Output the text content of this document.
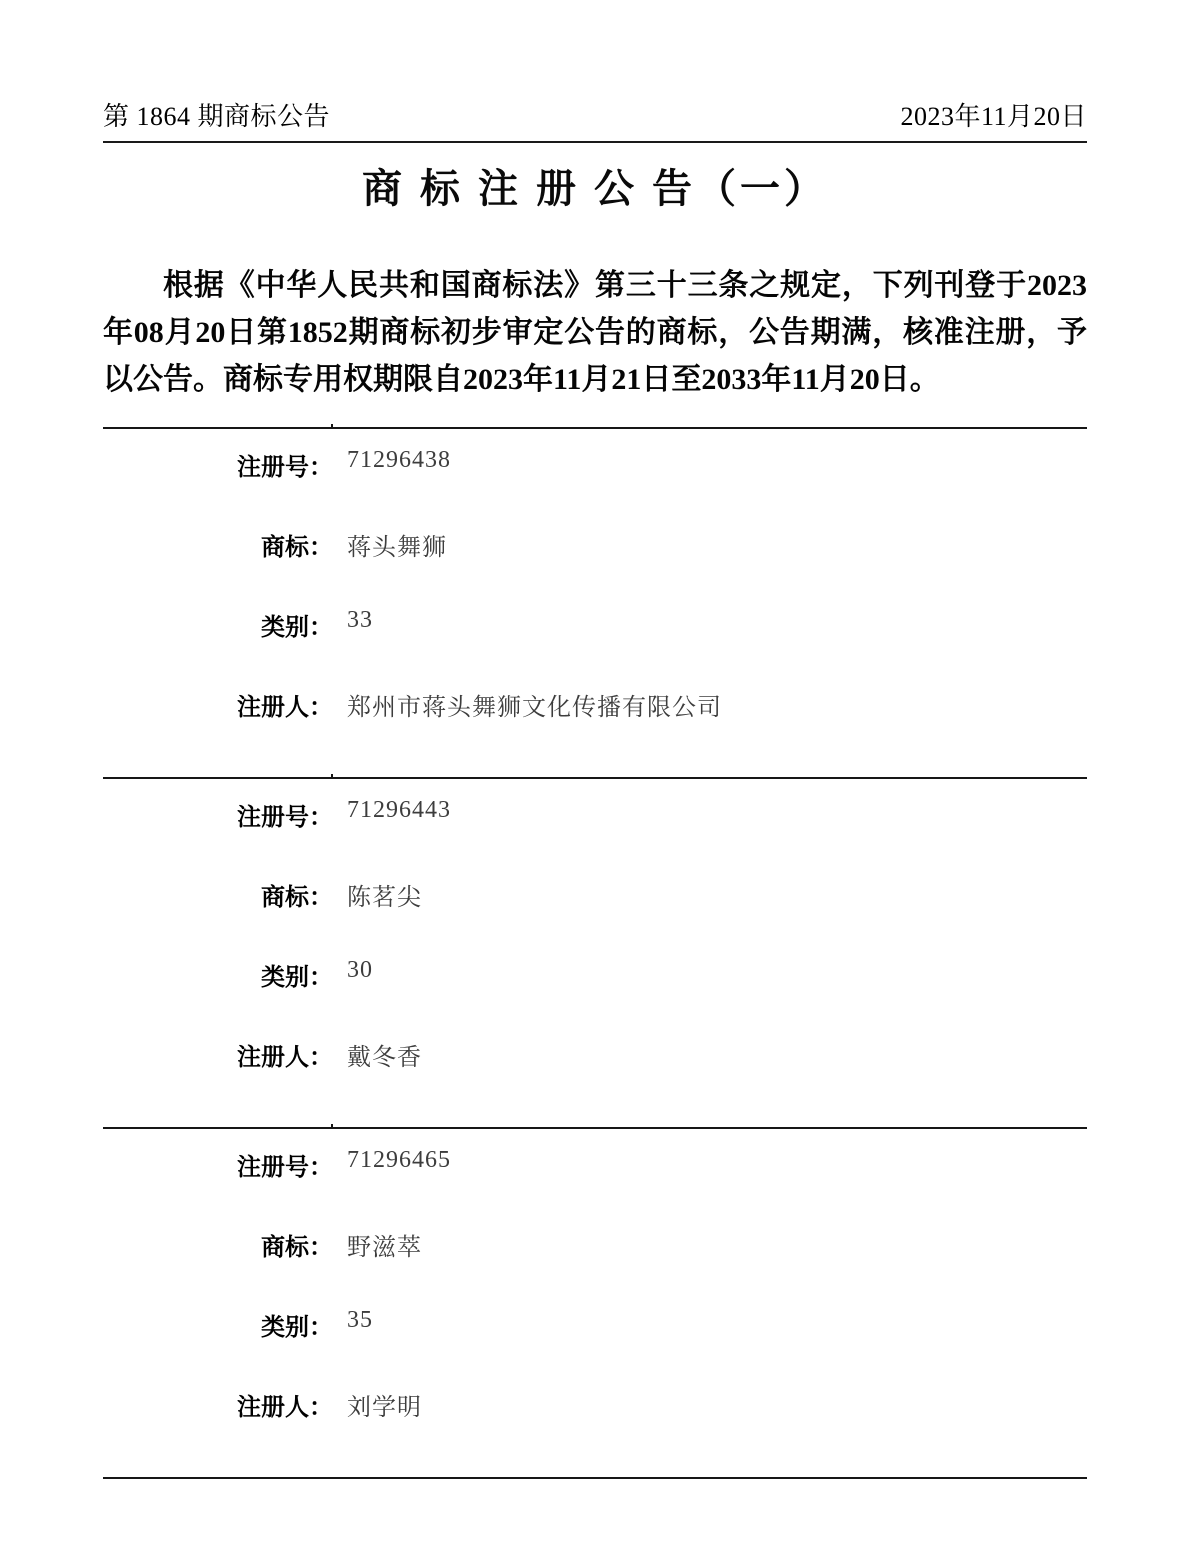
第 1864 期商标公告	2023年11月20日
商 标 注 册 公 告（一）

根据《中华人民共和国商标法》第三十三条之规定，下列刊登于2023年08月20日第1852期商标初步审定公告的商标，公告期满，核准注册，予以公告。商标专用权期限自2023年11月21日至2033年11月20日。

注册号： 71296438
商标： 蒋头舞狮
类别： 33
注册人： 郑州市蒋头舞狮文化传播有限公司
注册号： 71296443
商标： 陈茗尖
类别： 30
注册人： 戴冬香
注册号： 71296465
商标： 野滋萃
类别： 35
注册人： 刘学明
